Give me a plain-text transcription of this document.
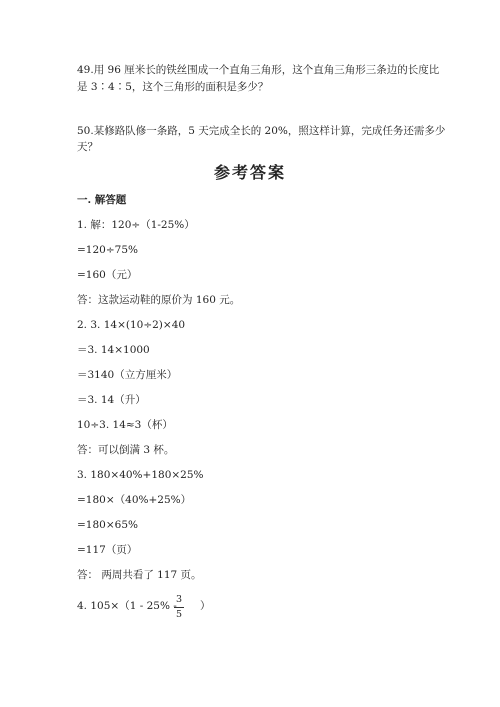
49.用 96 厘米长的铁丝围成一个直角三角形，这个直角三角形三条边的长度比
是 3∶4∶5，这个三角形的面积是多少？
50.某修路队修一条路，5 天完成全长的 20%，照这样计算，完成任务还需多少
天？
参考答案
一. 解答题
1. 解：120÷（1-25%）
=120÷75%
=160（元）
答：这款运动鞋的原价为 160 元。
2. 3. 14×(10÷2)×40
＝3. 14×1000
＝3140（立方厘米）
＝3. 14（升）
10÷3. 14≈3（杯）
答：可以倒满 3 杯。
3. 180×40%+180×25%
=180×（40%+25%）
=180×65%
=117（页）
答： 两周共看了 117 页。
4. 105×（1 - 25% -
3
5
）
